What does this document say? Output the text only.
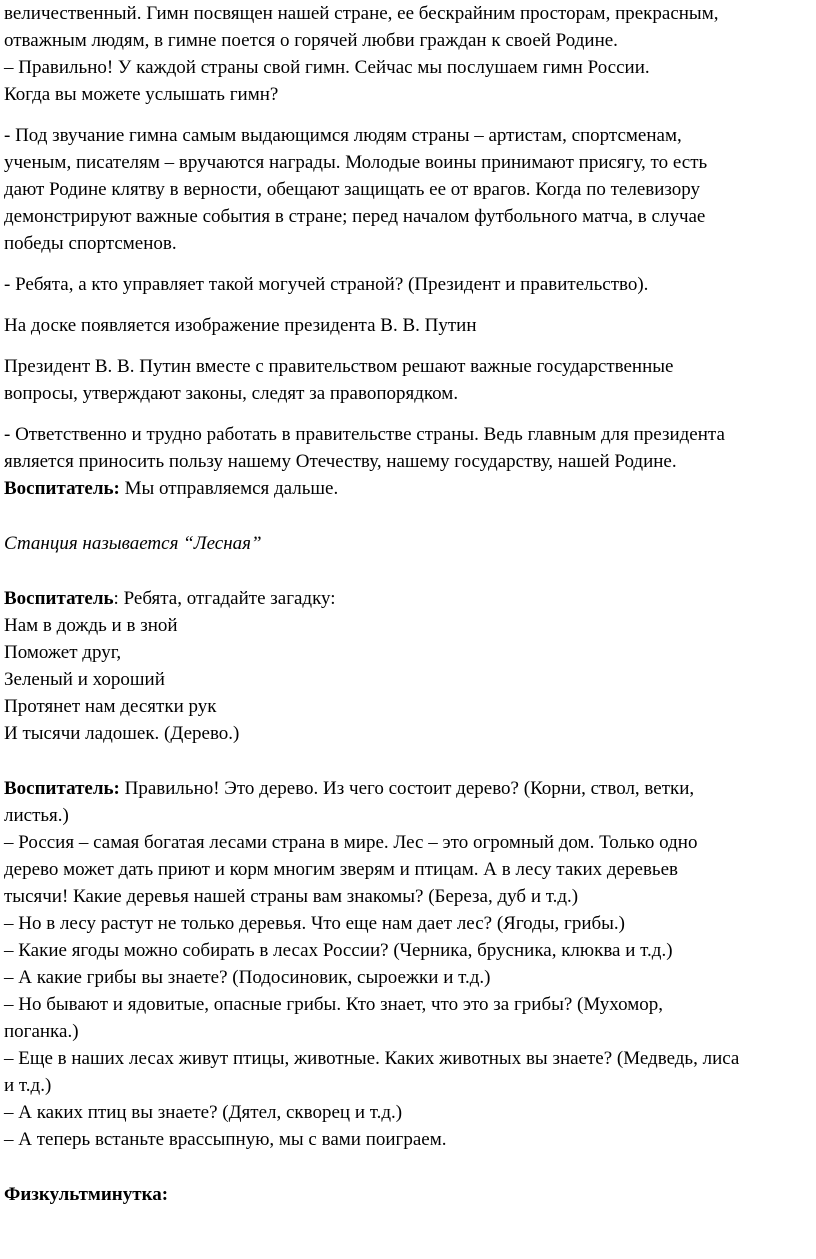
величественный. Гимн посвящен нашей стране, ее бескрайним просторам, прекрасным,
отважным людям, в гимне поется о горячей любви граждан к своей Родине.
– Правильно! У каждой страны свой гимн. Сейчас мы послушаем гимн России.
Когда вы можете услышать гимн?
- Под звучание гимна самым выдающимся людям страны – артистам, спортсменам,
ученым, писателям – вручаются награды. Молодые воины принимают присягу, то есть
дают Родине клятву в верности, обещают защищать ее от врагов. Когда по телевизору
демонстрируют важные события в стране; перед началом футбольного матча, в случае
победы спортсменов.
- Ребята, а кто управляет такой могучей страной? (Президент и правительство).
На доске появляется изображение президента В. В. Путин
Президент В. В. Путин вместе с правительством решают важные государственные
вопросы, утверждают законы, следят за правопорядком.
- Ответственно и трудно работать в правительстве страны. Ведь главным для президента
является приносить пользу нашему Отечеству, нашему государству, нашей Родине.
Воспитатель: Мы отправляемся дальше.
Станция называется “Лесная”
Воспитатель: Ребята, отгадайте загадку:
Нам в дождь и в зной
Поможет друг,
Зеленый и хороший
Протянет нам десятки рук
И тысячи ладошек. (Дерево.)
Воспитатель: Правильно! Это дерево. Из чего состоит дерево? (Корни, ствол, ветки,
листья.)
– Россия – самая богатая лесами страна в мире. Лес – это огромный дом. Только одно
дерево может дать приют и корм многим зверям и птицам. А в лесу таких деревьев
тысячи! Какие деревья нашей страны вам знакомы? (Береза, дуб и т.д.)
– Но в лесу растут не только деревья. Что еще нам дает лес? (Ягоды, грибы.)
– Какие ягоды можно собирать в лесах России? (Черника, брусника, клюква и т.д.)
– А какие грибы вы знаете? (Подосиновик, сыроежки и т.д.)
– Но бывают и ядовитые, опасные грибы. Кто знает, что это за грибы? (Мухомор,
поганка.)
– Еще в наших лесах живут птицы, животные. Каких животных вы знаете? (Медведь, лиса
и т.д.)
– А каких птиц вы знаете? (Дятел, скворец и т.д.)
– А теперь встаньте врассыпную, мы с вами поиграем.
Физкультминутка:
